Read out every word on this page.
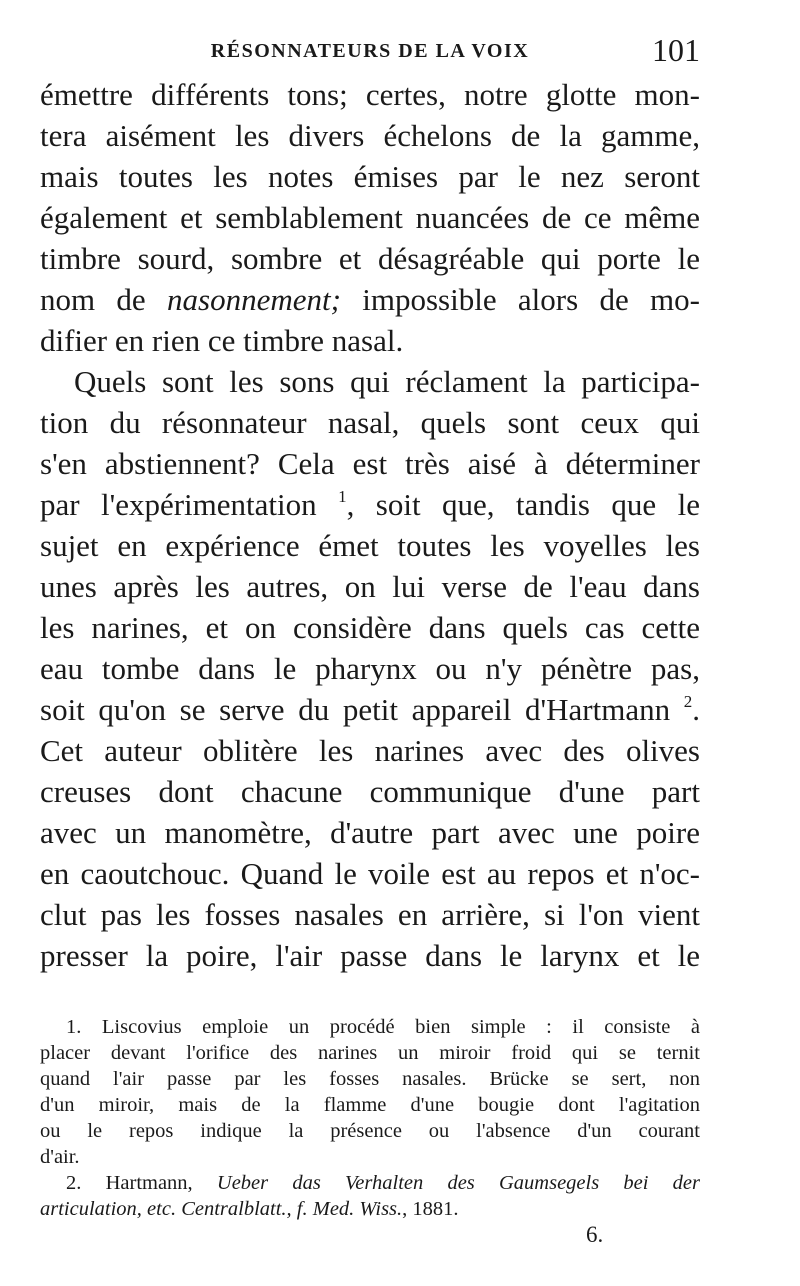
RÉSONNATEURS DE LA VOIX	101
émettre différents tons; certes, notre glotte mon-
tera aisément les divers échelons de la gamme,
mais toutes les notes émises par le nez seront
également et semblablement nuancées de ce même
timbre sourd, sombre et désagréable qui porte le
nom de nasonnement; impossible alors de mo-
difier en rien ce timbre nasal.
Quels sont les sons qui réclament la participa-
tion du résonnateur nasal, quels sont ceux qui
s'en abstiennent? Cela est très aisé à déterminer
par l'expérimentation $^1$, soit que, tandis que le
sujet en expérience émet toutes les voyelles les
unes après les autres, on lui verse de l'eau dans
les narines, et on considère dans quels cas cette
eau tombe dans le pharynx ou n'y pénètre pas,
soit qu'on se serve du petit appareil d'Hartmann $^2$.
Cet auteur oblitère les narines avec des olives
creuses dont chacune communique d'une part
avec un manomètre, d'autre part avec une poire
en caoutchouc. Quand le voile est au repos et n'oc-
clut pas les fosses nasales en arrière, si l'on vient
presser la poire, l'air passe dans le larynx et le
1. Liscovius emploie un procédé bien simple : il consiste à
placer devant l'orifice des narines un miroir froid qui se ternit
quand l'air passe par les fosses nasales. Brücke se sert, non
d'un miroir, mais de la flamme d'une bougie dont l'agitation
ou le repos indique la présence ou l'absence d'un courant
d'air.
2. Hartmann, Ueber das Verhalten des Gaumsegels bei der
articulation, etc. Centralblatt., f. Med. Wiss., 1881.
6.
